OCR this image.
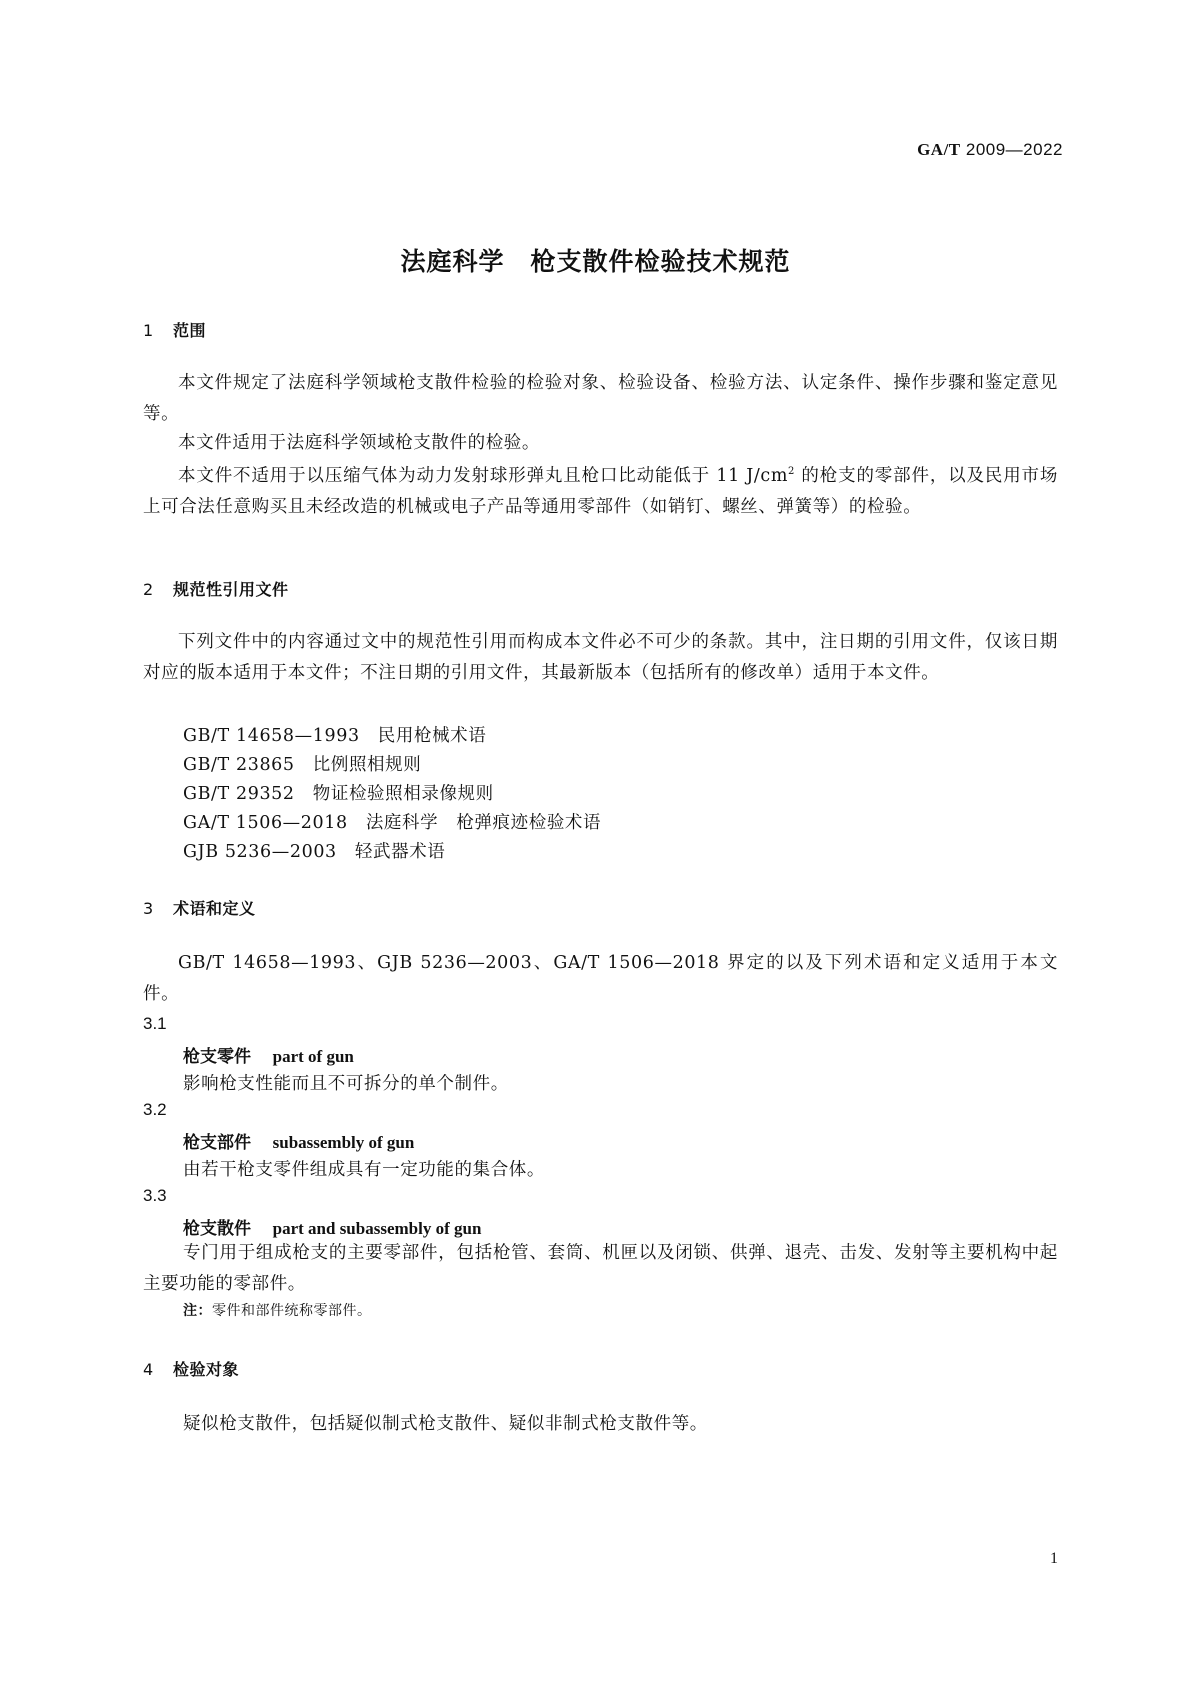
GA/T 2009—2022
法庭科学　枪支散件检验技术规范
1 范围

本文件规定了法庭科学领域枪支散件检验的检验对象、检验设备、检验方法、认定条件、操作步骤和鉴定意见等。

本文件适用于法庭科学领域枪支散件的检验。

本文件不适用于以压缩气体为动力发射球形弹丸且枪口比动能低于 11 $J/cm^2$ 的枪支的零部件，以及民用市场上可合法任意购买且未经改造的机械或电子产品等通用零部件（如销钉、螺丝、弹簧等）的检验。

2 规范性引用文件

下列文件中的内容通过文中的规范性引用而构成本文件必不可少的条款。其中，注日期的引用文件，仅该日期对应的版本适用于本文件；不注日期的引用文件，其最新版本（包括所有的修改单）适用于本文件。

GB/T 14658—1993　民用枪械术语
GB/T 23865　比例照相规则
GB/T 29352　物证检验照相录像规则
GA/T 1506—2018　法庭科学　枪弹痕迹检验术语
GJB 5236—2003　轻武器术语
3 术语和定义

GB/T 14658—1993、GJB 5236—2003、GA/T 1506—2018 界定的以及下列术语和定义适用于本文件。

3.1
枪支零件 part of gun
影响枪支性能而且不可拆分的单个制件。
3.2
枪支部件 subassembly of gun
由若干枪支零件组成具有一定功能的集合体。
3.3
枪支散件 part and subassembly of gun

专门用于组成枪支的主要零部件，包括枪管、套筒、机匣以及闭锁、供弹、退壳、击发、发射等主要机构中起主要功能的零部件。

注：零件和部件统称零部件。
4 检验对象
疑似枪支散件，包括疑似制式枪支散件、疑似非制式枪支散件等。
1
